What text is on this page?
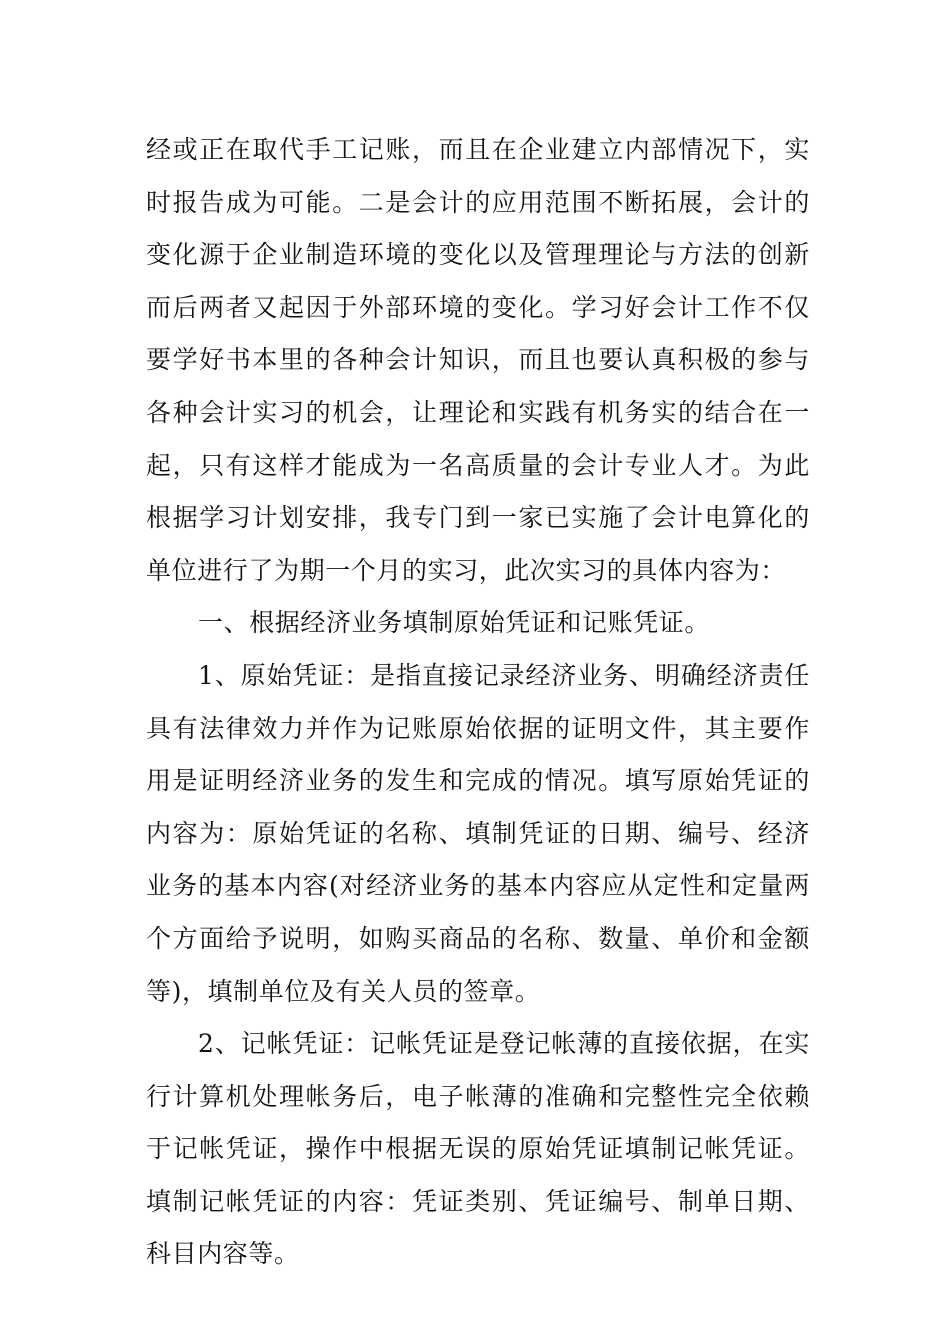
经或正在取代手工记账，而且在企业建立内部情况下，实时报告成为可能。二是会计的应用范围不断拓展，会计的变化源于企业制造环境的变化以及管理理论与方法的创新而后两者又起因于外部环境的变化。学习好会计工作不仅要学好书本里的各种会计知识，而且也要认真积极的参与各种会计实习的机会，让理论和实践有机务实的结合在一起，只有这样才能成为一名高质量的会计专业人才。为此根据学习计划安排，我专门到一家已实施了会计电算化的单位进行了为期一个月的实习，此次实习的具体内容为：

一、根据经济业务填制原始凭证和记账凭证。

1、原始凭证：是指直接记录经济业务、明确经济责任具有法律效力并作为记账原始依据的证明文件，其主要作用是证明经济业务的发生和完成的情况。填写原始凭证的内容为：原始凭证的名称、填制凭证的日期、编号、经济业务的基本内容(对经济业务的基本内容应从定性和定量两个方面给予说明，如购买商品的名称、数量、单价和金额等)，填制单位及有关人员的签章。

2、记帐凭证：记帐凭证是登记帐薄的直接依据，在实行计算机处理帐务后，电子帐薄的准确和完整性完全依赖于记帐凭证，操作中根据无误的原始凭证填制记帐凭证。填制记帐凭证的内容：凭证类别、凭证编号、制单日期、科目内容等。
